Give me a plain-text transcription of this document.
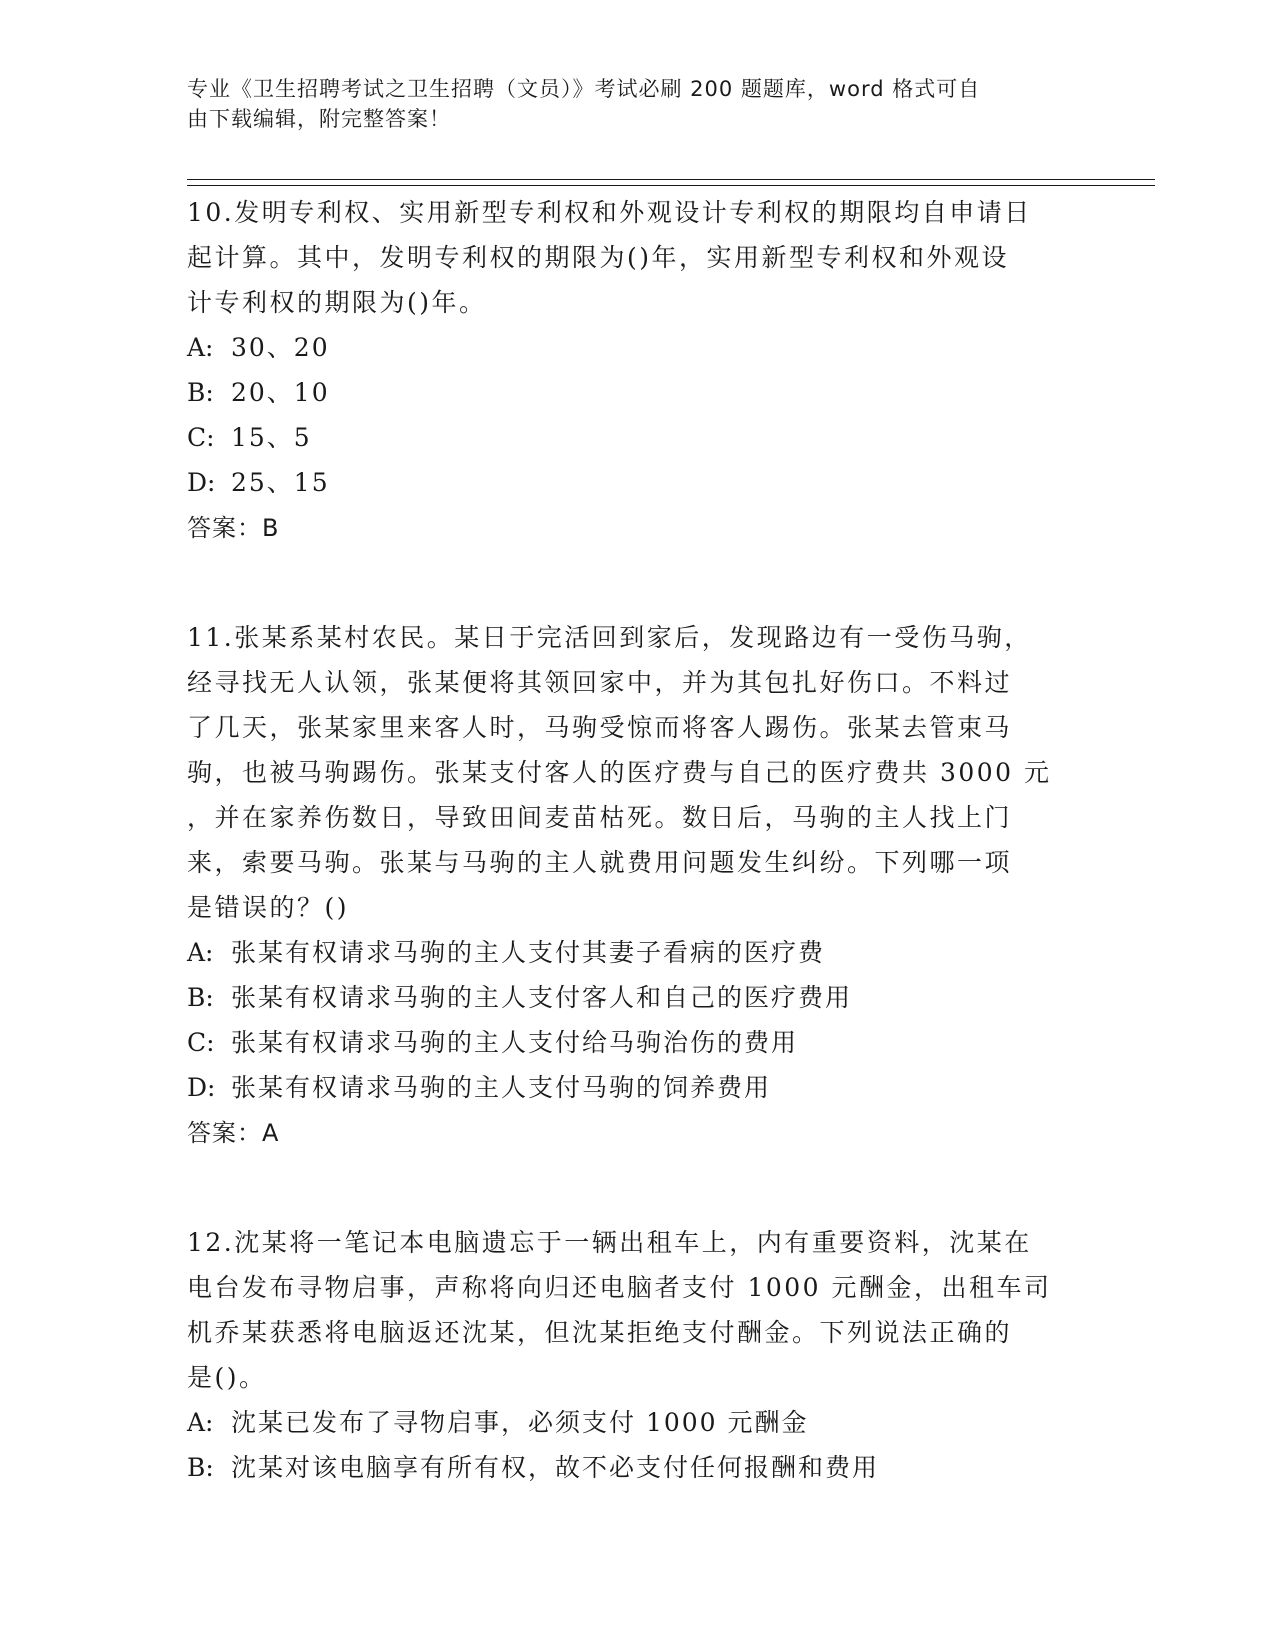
专业《卫生招聘考试之卫生招聘（文员）》考试必刷 200 题题库，word 格式可自
由下载编辑，附完整答案！

10.发明专利权、实用新型专利权和外观设计专利权的期限均自申请日

起计算。其中，发明专利权的期限为()年，实用新型专利权和外观设

计专利权的期限为()年。

A: 30、20

B: 20、10

C: 15、5

D: 25、15

答案：B

11.张某系某村农民。某日于完活回到家后，发现路边有一受伤马驹，

经寻找无人认领，张某便将其领回家中，并为其包扎好伤口。不料过

了几天，张某家里来客人时，马驹受惊而将客人踢伤。张某去管束马

驹，也被马驹踢伤。张某支付客人的医疗费与自己的医疗费共 3000 元

，并在家养伤数日，导致田间麦苗枯死。数日后，马驹的主人找上门

来，索要马驹。张某与马驹的主人就费用问题发生纠纷。下列哪一项

是错误的？()

A: 张某有权请求马驹的主人支付其妻子看病的医疗费

B: 张某有权请求马驹的主人支付客人和自己的医疗费用

C: 张某有权请求马驹的主人支付给马驹治伤的费用

D: 张某有权请求马驹的主人支付马驹的饲养费用

答案：A

12.沈某将一笔记本电脑遗忘于一辆出租车上，内有重要资料，沈某在

电台发布寻物启事，声称将向归还电脑者支付 1000 元酬金，出租车司

机乔某获悉将电脑返还沈某，但沈某拒绝支付酬金。下列说法正确的

是()。

A: 沈某已发布了寻物启事，必须支付 1000 元酬金

B: 沈某对该电脑享有所有权，故不必支付任何报酬和费用
